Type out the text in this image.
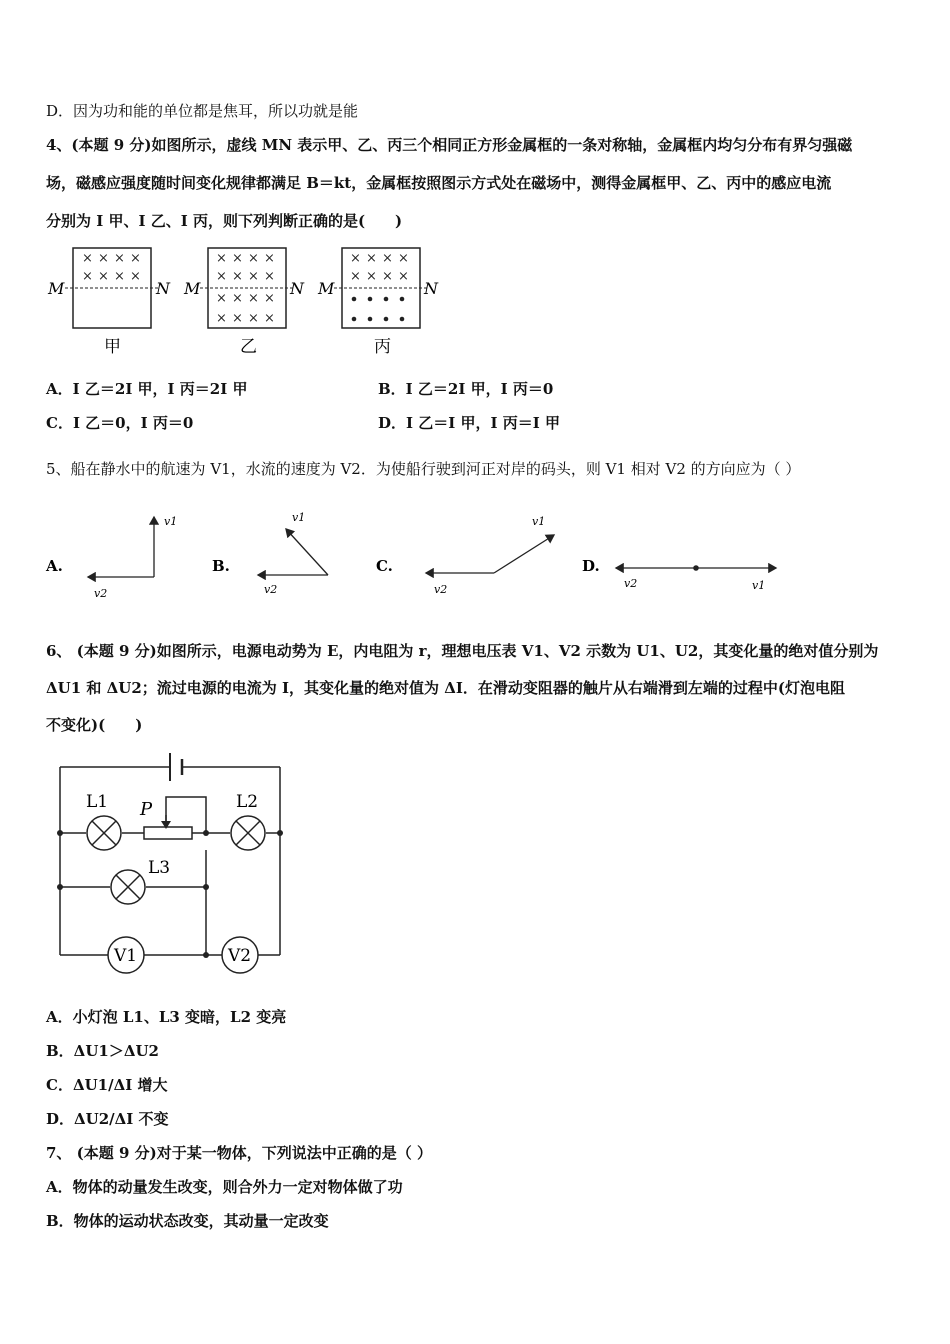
D．因为功和能的单位都是焦耳，所以功就是能
4、(本题 9 分)如图所示，虚线 MN 表示甲、乙、丙三个相同正方形金属框的一条对称轴，金属框内均匀分布有界匀强磁
场，磁感应强度随时间变化规律都满足 B＝kt，金属框按照图示方式处在磁场中，测得金属框甲、乙、丙中的感应电流
分别为 I 甲、I 乙、I 丙，则下列判断正确的是(　　)
× × × ×
× × × ×
M	N
甲
× × × ×
× × × ×
× × × ×
× × × ×
M	N
乙
× × × ×
× × × ×
M	N
丙
A．I 乙＝2I 甲，I 丙＝2I 甲	B．I 乙＝2I 甲，I 丙＝0
C．I 乙＝0，I 丙＝0	D．I 乙＝I 甲，I 丙＝I 甲
5、船在静水中的航速为 V1，水流的速度为 V2．为使船行驶到河正对岸的码头，则 V1 相对 V2 的方向应为（ ）
A.
v1
v2
B.
v1
v2
C.
v1
v2
D.
v1
v2
6、 (本题 9 分)如图所示，电源电动势为 E，内电阻为 r，理想电压表 V1、V2 示数为 U1、U2，其变化量的绝对值分别为
ΔU1 和 ΔU2；流过电源的电流为 I，其变化量的绝对值为 ΔI．在滑动变阻器的触片从右端滑到左端的过程中(灯泡电阻
不变化)(　　)
V1	V2
L1	L2
L3
P
A．小灯泡 L1、L3 变暗，L2 变亮
B．ΔU1＞ΔU2
C．ΔU1/ΔI 增大
D．ΔU2/ΔI 不变
7、 (本题 9 分)对于某一物体，下列说法中正确的是（ ）
A．物体的动量发生改变，则合外力一定对物体做了功
B．物体的运动状态改变，其动量一定改变
